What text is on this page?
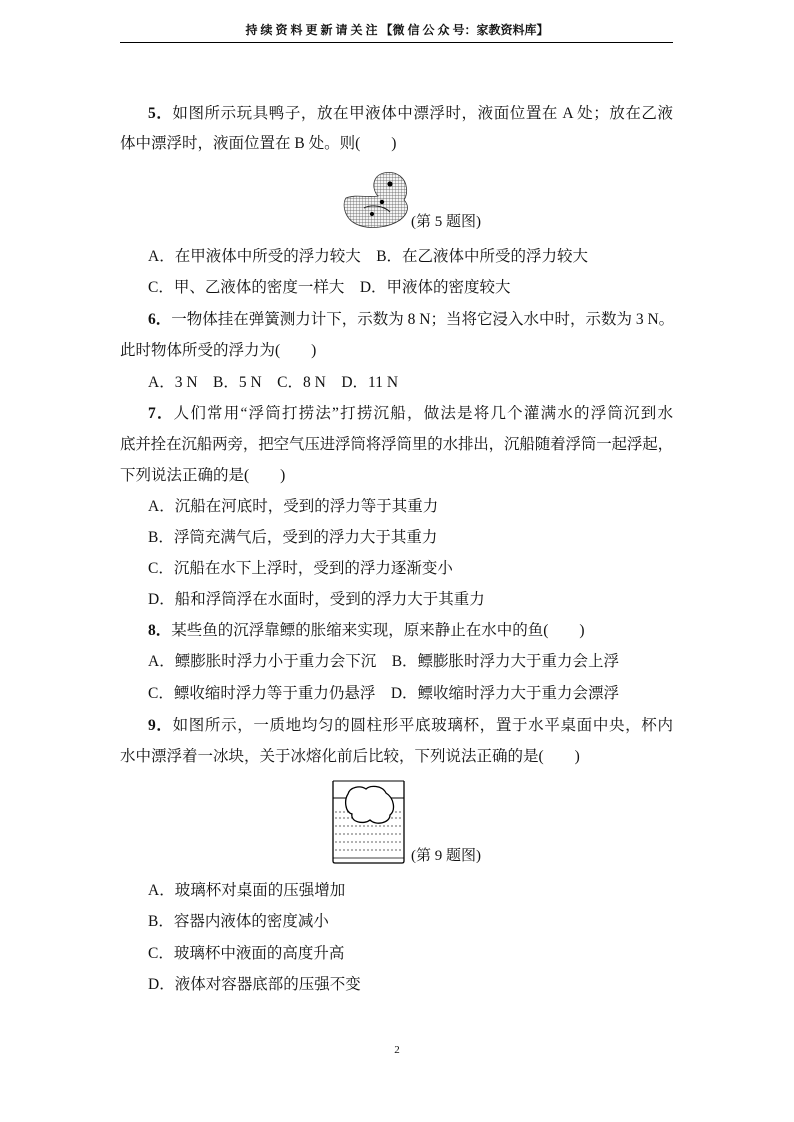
持 续 资 料 更 新 请 关 注 【微 信 公 众 号：家教资料库】
5．如图所示玩具鸭子，放在甲液体中漂浮时，液面位置在 A 处；放在乙液
体中漂浮时，液面位置在 B 处。则(　　)
(第 5 题图)
A．在甲液体中所受的浮力较大　B．在乙液体中所受的浮力较大
C．甲、乙液体的密度一样大　D．甲液体的密度较大
6．一物体挂在弹簧测力计下，示数为 8 N；当将它浸入水中时，示数为 3 N。
此时物体所受的浮力为(　　)
A．3 N　B．5 N　C．8 N　D．11 N
7．人们常用“浮筒打捞法”打捞沉船，做法是将几个灌满水的浮筒沉到水
底并拴在沉船两旁，把空气压进浮筒将浮筒里的水排出，沉船随着浮筒一起浮起，
下列说法正确的是(　　)
A．沉船在河底时，受到的浮力等于其重力
B．浮筒充满气后，受到的浮力大于其重力
C．沉船在水下上浮时，受到的浮力逐渐变小
D．船和浮筒浮在水面时，受到的浮力大于其重力
8．某些鱼的沉浮靠鳔的胀缩来实现，原来静止在水中的鱼(　　)
A．鳔膨胀时浮力小于重力会下沉　B．鳔膨胀时浮力大于重力会上浮
C．鳔收缩时浮力等于重力仍悬浮　D．鳔收缩时浮力大于重力会漂浮
9．如图所示，一质地均匀的圆柱形平底玻璃杯，置于水平桌面中央，杯内
水中漂浮着一冰块，关于冰熔化前后比较，下列说法正确的是(　　)
(第 9 题图)
A．玻璃杯对桌面的压强增加
B．容器内液体的密度减小
C．玻璃杯中液面的高度升高
D．液体对容器底部的压强不变
2
